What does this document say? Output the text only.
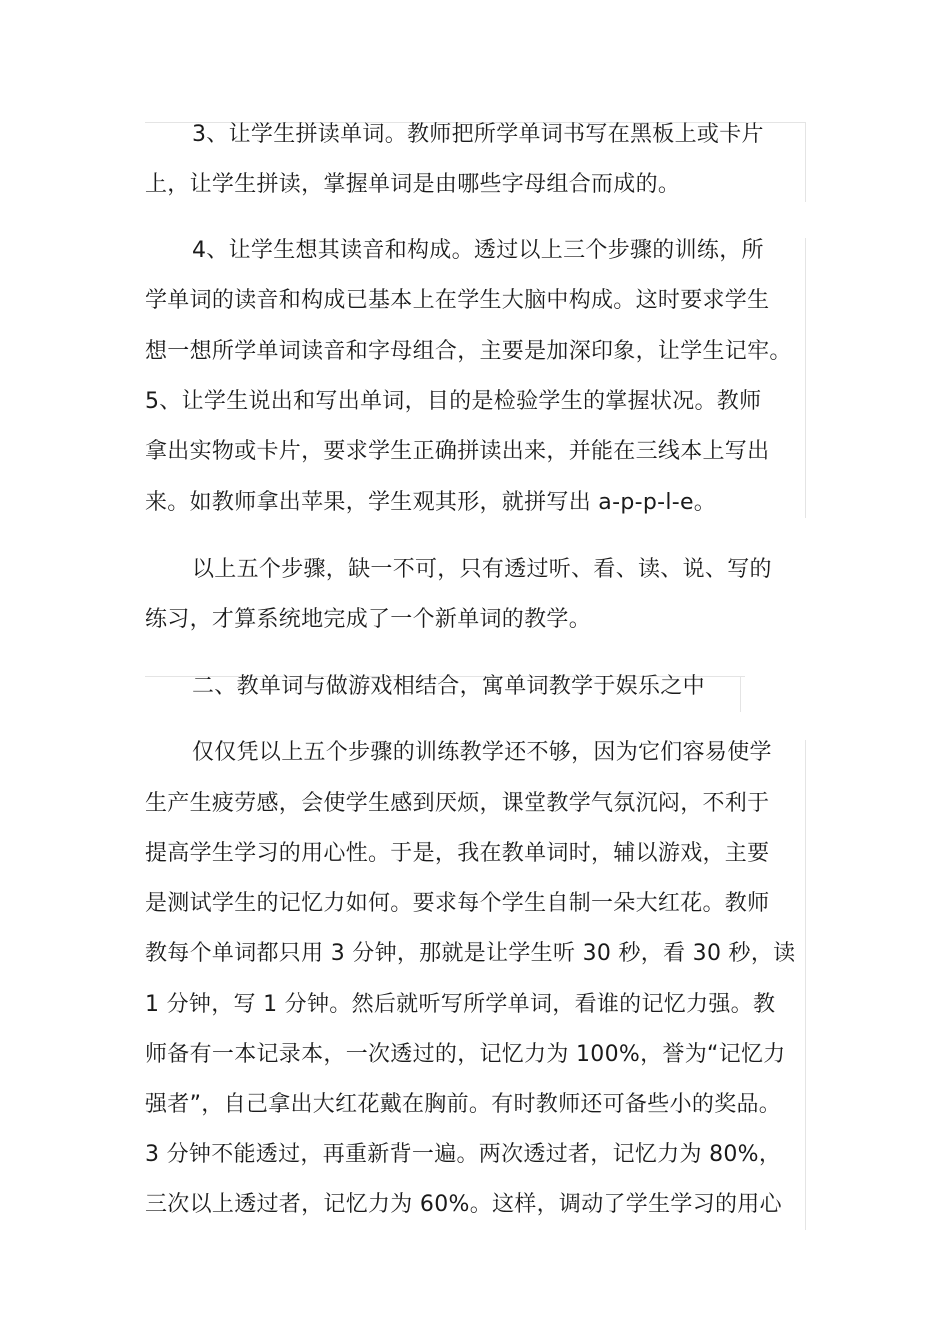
3、让学生拼读单词。教师把所学单词书写在黑板上或卡片
上，让学生拼读，掌握单词是由哪些字母组合而成的。
4、让学生想其读音和构成。透过以上三个步骤的训练，所
学单词的读音和构成已基本上在学生大脑中构成。这时要求学生
想一想所学单词读音和字母组合，主要是加深印象，让学生记牢。
5、让学生说出和写出单词，目的是检验学生的掌握状况。教师
拿出实物或卡片，要求学生正确拼读出来，并能在三线本上写出
来。如教师拿出苹果，学生观其形，就拼写出 a-p-p-l-e。
以上五个步骤，缺一不可，只有透过听、看、读、说、写的
练习，才算系统地完成了一个新单词的教学。
二、教单词与做游戏相结合，寓单词教学于娱乐之中
仅仅凭以上五个步骤的训练教学还不够，因为它们容易使学
生产生疲劳感，会使学生感到厌烦，课堂教学气氛沉闷，不利于
提高学生学习的用心性。于是，我在教单词时，辅以游戏，主要
是测试学生的记忆力如何。要求每个学生自制一朵大红花。教师
教每个单词都只用 3 分钟，那就是让学生听 30 秒，看 30 秒，读
1 分钟，写 1 分钟。然后就听写所学单词，看谁的记忆力强。教
师备有一本记录本，一次透过的，记忆力为 100%，誉为“记忆力
强者”，自己拿出大红花戴在胸前。有时教师还可备些小的奖品。
3 分钟不能透过，再重新背一遍。两次透过者，记忆力为 80%，
三次以上透过者，记忆力为 60%。这样，调动了学生学习的用心
